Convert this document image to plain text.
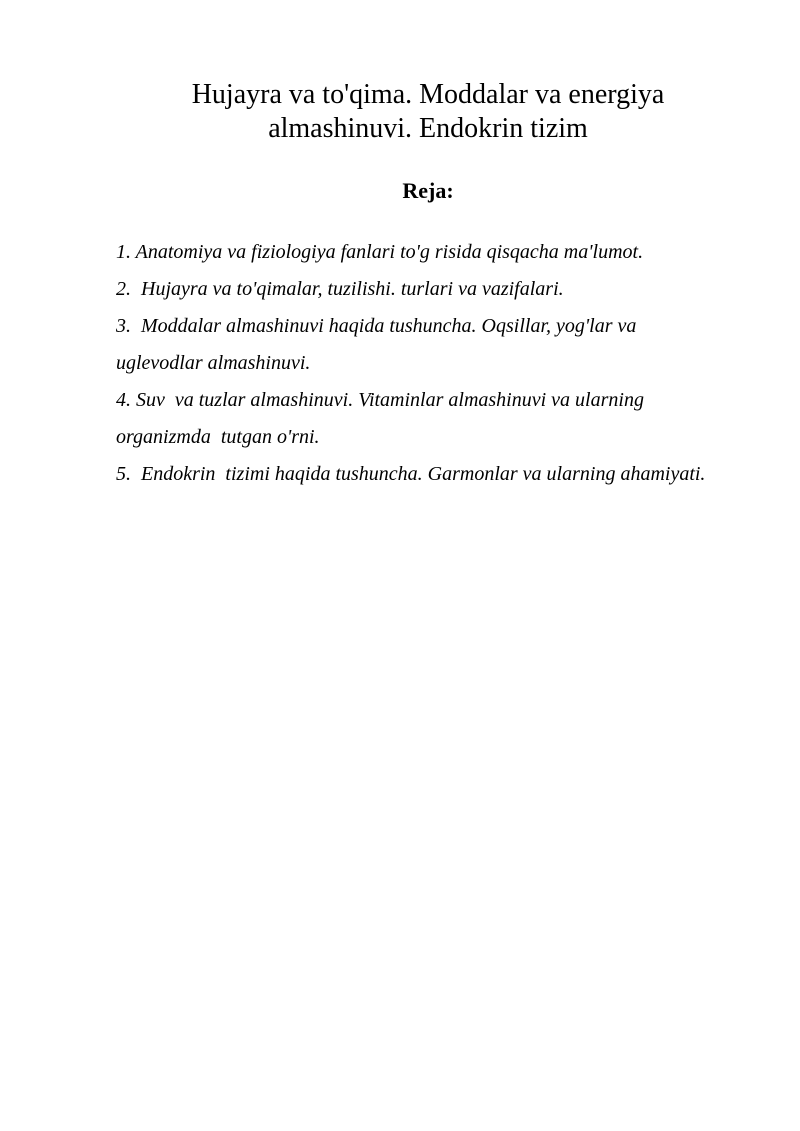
Hujayra va to'qima. Moddalar va energiya
almashinuvi. Endokrin tizim
Reja:
1. Anatomiya va fiziologiya fanlari to'g risida qisqacha ma'lumot.
2.  Hujayra va to'qimalar, tuzilishi. turlari va vazifalari.
3.  Moddalar almashinuvi haqida tushuncha. Oqsillar, yog'lar va uglevodlar almashinuvi.
4. Suv  va tuzlar almashinuvi. Vitaminlar almashinuvi va ularning organizmda  tutgan o'rni.
5.  Endokrin  tizimi haqida tushuncha. Garmonlar va ularning ahamiyati.
